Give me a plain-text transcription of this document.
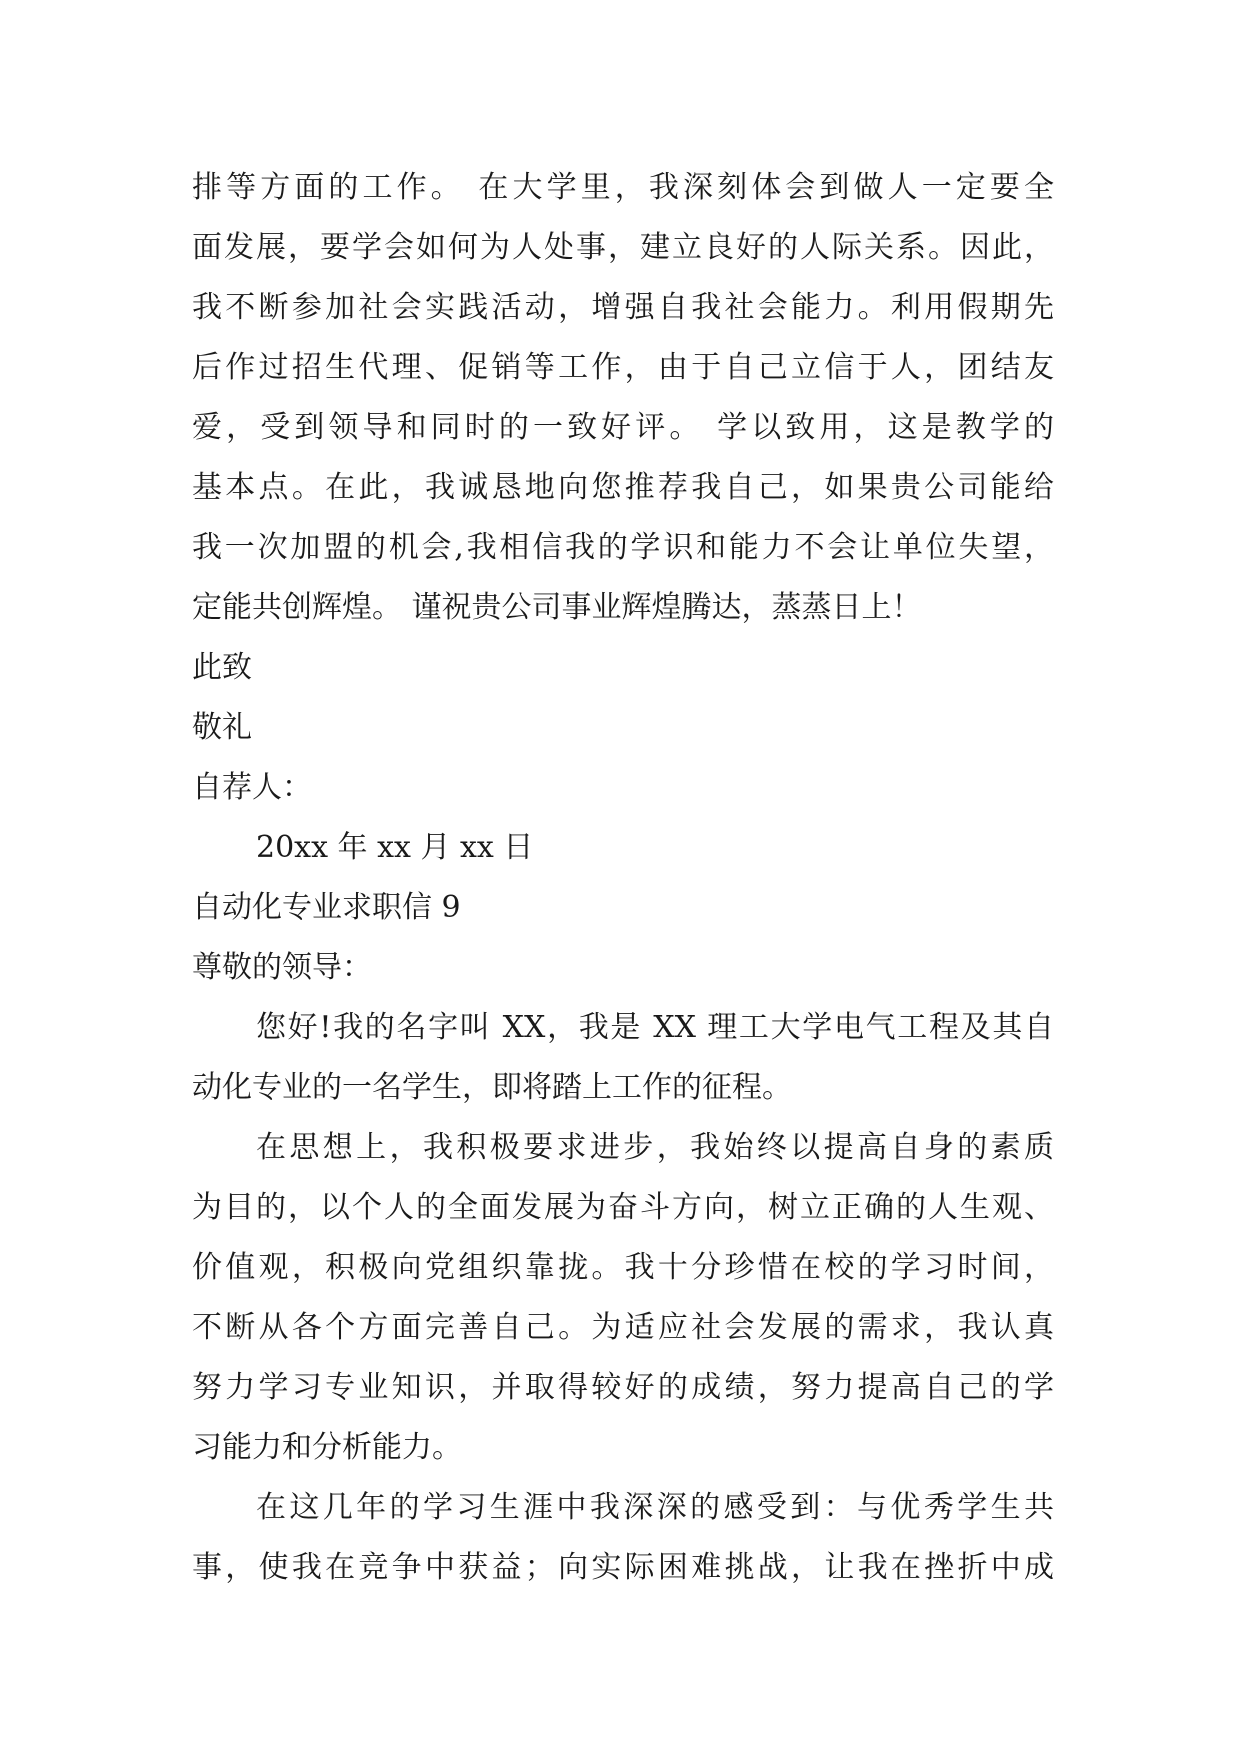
排等方面的工作。 在大学里，我深刻体会到做人一定要全
面发展，要学会如何为人处事，建立良好的人际关系。因此，
我不断参加社会实践活动，增强自我社会能力。利用假期先
后作过招生代理、促销等工作，由于自己立信于人，团结友
爱，受到领导和同时的一致好评。 学以致用，这是教学的
基本点。在此，我诚恳地向您推荐我自己，如果贵公司能给
我一次加盟的机会,我相信我的学识和能力不会让单位失望，
定能共创辉煌。 谨祝贵公司事业辉煌腾达，蒸蒸日上！
此致
敬礼
自荐人：
20xx 年 xx 月 xx 日
自动化专业求职信 9
尊敬的领导：
您好!我的名字叫 XX，我是 XX 理工大学电气工程及其自
动化专业的一名学生，即将踏上工作的征程。
在思想上，我积极要求进步，我始终以提高自身的素质
为目的，以个人的全面发展为奋斗方向，树立正确的人生观、
价值观，积极向党组织靠拢。我十分珍惜在校的学习时间，
不断从各个方面完善自己。为适应社会发展的需求，我认真
努力学习专业知识，并取得较好的成绩，努力提高自己的学
习能力和分析能力。
在这几年的学习生涯中我深深的感受到：与优秀学生共
事，使我在竞争中获益；向实际困难挑战，让我在挫折中成
